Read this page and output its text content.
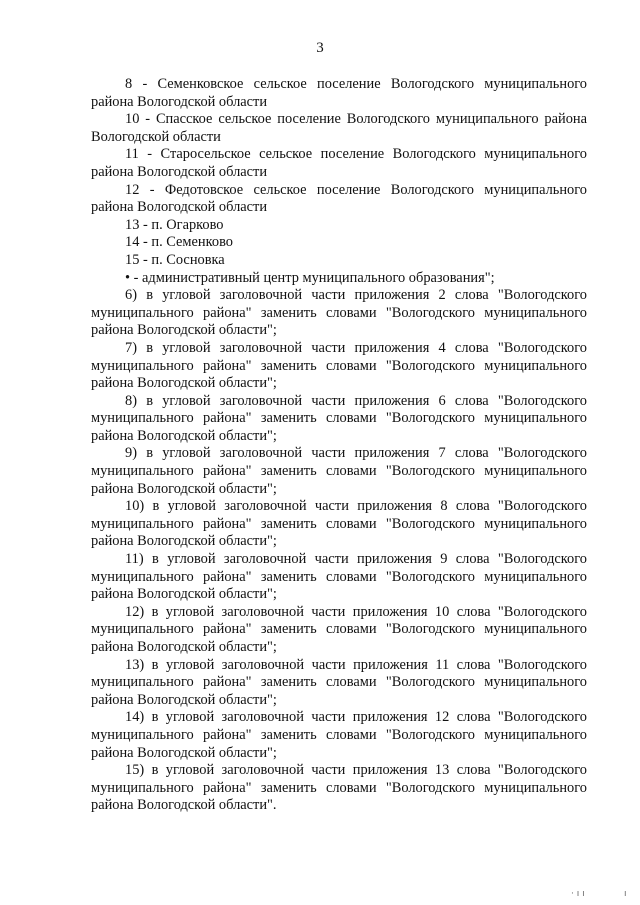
3

8 - Семенковское сельское поселение Вологодского муниципального района Вологодской области

10 - Спасское сельское поселение Вологодского муниципального района Вологодской области

11 - Старосельское сельское поселение Вологодского муниципального района Вологодской области

12 - Федотовское сельское поселение Вологодского муниципального района Вологодской области

13 - п. Огарково

14 - п. Семенково

15 - п. Сосновка

• - административный центр муниципального образования";

6) в угловой заголовочной части приложения 2 слова "Вологодского муниципального района" заменить словами "Вологодского муниципального района Вологодской области";

7) в угловой заголовочной части приложения 4 слова "Вологодского муниципального района" заменить словами "Вологодского муниципального района Вологодской области";

8) в угловой заголовочной части приложения 6 слова "Вологодского муниципального района" заменить словами "Вологодского муниципального района Вологодской области";

9) в угловой заголовочной части приложения 7 слова "Вологодского муниципального района" заменить словами "Вологодского муниципального района Вологодской области";

10) в угловой заголовочной части приложения 8 слова "Вологодского муниципального района" заменить словами "Вологодского муниципального района Вологодской области";

11) в угловой заголовочной части приложения 9 слова "Вологодского муниципального района" заменить словами "Вологодского муниципального района Вологодской области";

12) в угловой заголовочной части приложения 10 слова "Вологодского муниципального района" заменить словами "Вологодского муниципального района Вологодской области";

13) в угловой заголовочной части приложения 11 слова "Вологодского муниципального района" заменить словами "Вологодского муниципального района Вологодской области";

14) в угловой заголовочной части приложения 12 слова "Вологодского муниципального района" заменить словами "Вологодского муниципального района Вологодской области";

15) в угловой заголовочной части приложения 13 слова "Вологодского муниципального района" заменить словами "Вологодского муниципального района Вологодской области".

· ı ı	ı
